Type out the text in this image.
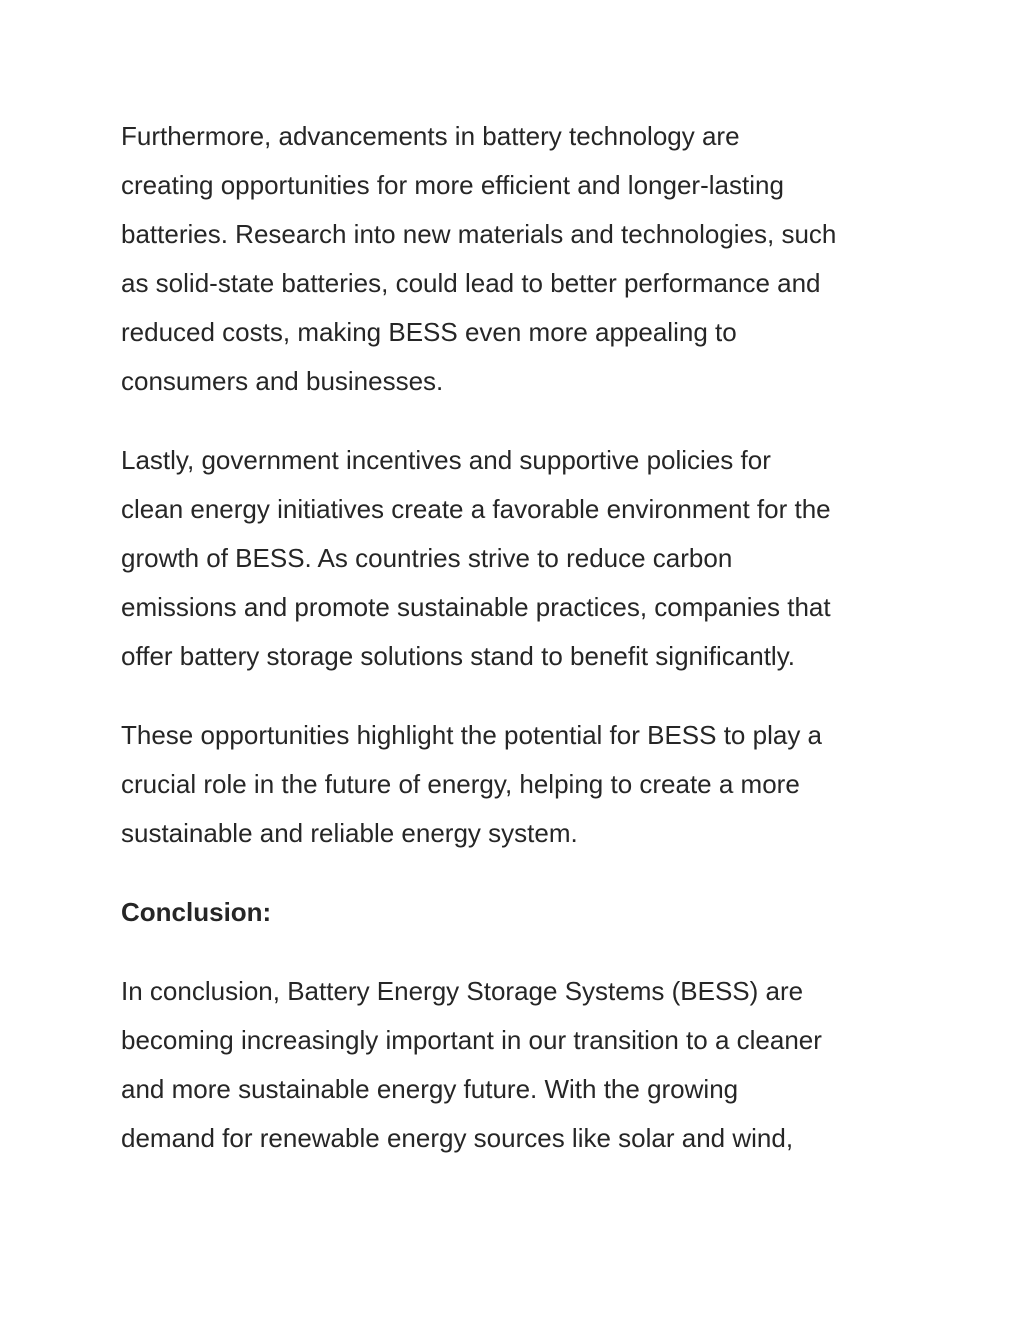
Furthermore, advancements in battery technology are
creating opportunities for more efficient and longer-lasting
batteries. Research into new materials and technologies, such
as solid-state batteries, could lead to better performance and
reduced costs, making BESS even more appealing to
consumers and businesses.

Lastly, government incentives and supportive policies for
clean energy initiatives create a favorable environment for the
growth of BESS. As countries strive to reduce carbon
emissions and promote sustainable practices, companies that
offer battery storage solutions stand to benefit significantly.

These opportunities highlight the potential for BESS to play a
crucial role in the future of energy, helping to create a more
sustainable and reliable energy system.

Conclusion:

In conclusion, Battery Energy Storage Systems (BESS) are
becoming increasingly important in our transition to a cleaner
and more sustainable energy future. With the growing
demand for renewable energy sources like solar and wind,
